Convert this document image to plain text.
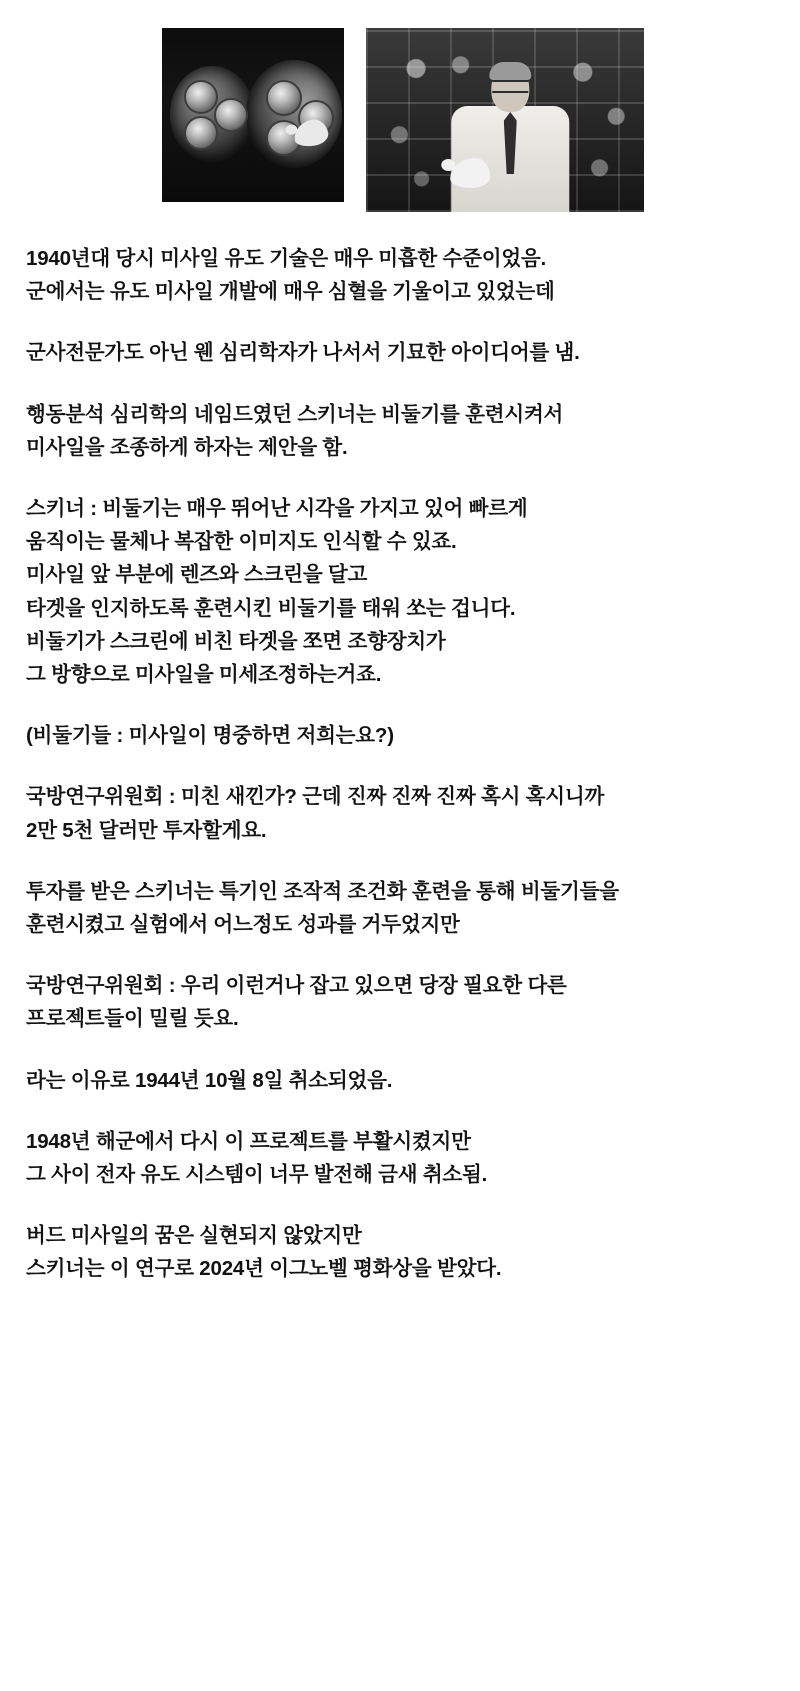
1940년대 당시 미사일 유도 기술은 매우 미흡한 수준이었음.
군에서는 유도 미사일 개발에 매우 심혈을 기울이고 있었는데
군사전문가도 아닌 웬 심리학자가 나서서 기묘한 아이디어를 냄.
행동분석 심리학의 네임드였던 스키너는 비둘기를 훈련시켜서
미사일을 조종하게 하자는 제안을 함.
스키너 : 비둘기는 매우 뛰어난 시각을 가지고 있어 빠르게
움직이는 물체나 복잡한 이미지도 인식할 수 있죠.
미사일 앞 부분에 렌즈와 스크린을 달고
타겟을 인지하도록 훈련시킨 비둘기를 태워 쏘는 겁니다.
비둘기가 스크린에 비친 타겟을 쪼면 조향장치가
그 방향으로 미사일을 미세조정하는거죠.
(비둘기들 : 미사일이 명중하면 저희는요?)
국방연구위원회 : 미친 새낀가? 근데 진짜 진짜 진짜 혹시 혹시니까
2만 5천 달러만 투자할게요.
투자를 받은 스키너는 특기인 조작적 조건화 훈련을 통해 비둘기들을
훈련시켰고 실험에서 어느정도 성과를 거두었지만
국방연구위원회 : 우리 이런거나 잡고 있으면 당장 필요한 다른
프로젝트들이 밀릴 듯요.
라는 이유로 1944년 10월 8일 취소되었음.
1948년 해군에서 다시 이 프로젝트를 부활시켰지만
그 사이 전자 유도 시스템이 너무 발전해 금새 취소됨.
버드 미사일의 꿈은 실현되지 않았지만
스키너는 이 연구로 2024년 이그노벨 평화상을 받았다.
